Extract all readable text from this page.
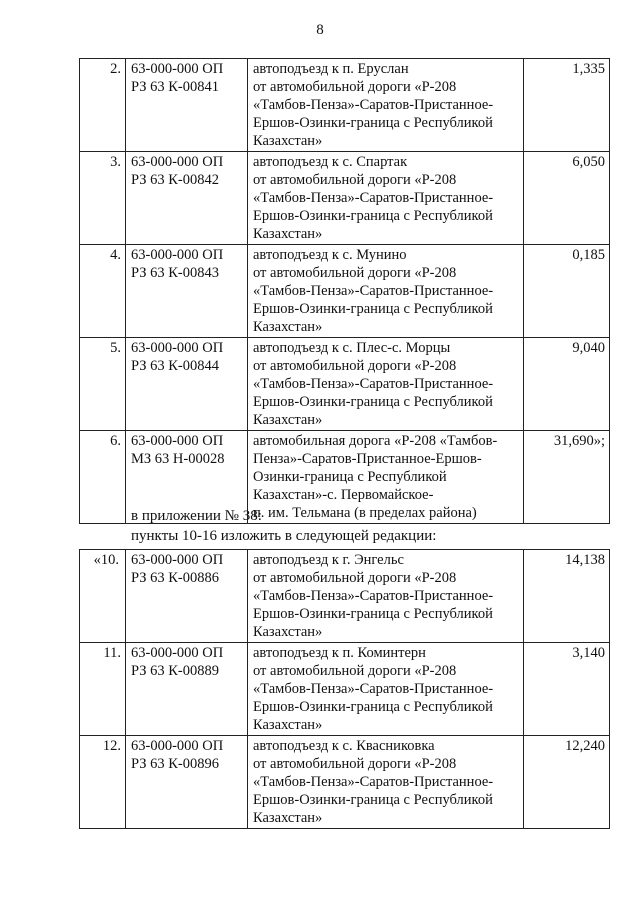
8
2.	63-000-000 ОП
РЗ 63 К-00841	автоподъезд к п. Еруслан
от автомобильной дороги «Р-208
«Тамбов-Пенза»-Саратов-Пристанное-
Ершов-Озинки-граница с Республикой
Казахстан»	1,335
3.	63-000-000 ОП
РЗ 63 К-00842	автоподъезд к с. Спартак
от автомобильной дороги «Р-208
«Тамбов-Пенза»-Саратов-Пристанное-
Ершов-Озинки-граница с Республикой
Казахстан»	6,050
4.	63-000-000 ОП
РЗ 63 К-00843	автоподъезд к с. Мунино
от автомобильной дороги «Р-208
«Тамбов-Пенза»-Саратов-Пристанное-
Ершов-Озинки-граница с Республикой
Казахстан»	0,185
5.	63-000-000 ОП
РЗ 63 К-00844	автоподъезд к с. Плес-с. Морцы
от автомобильной дороги «Р-208
«Тамбов-Пенза»-Саратов-Пристанное-
Ершов-Озинки-граница с Республикой
Казахстан»	9,040
6.	63-000-000 ОП
МЗ 63 Н-00028	автомобильная дорога «Р-208 «Тамбов-
Пенза»-Саратов-Пристанное-Ершов-
Озинки-граница с Республикой
Казахстан»-с. Первомайское-
п. им. Тельмана (в пределах района)	31,690»;
в приложении № 38:
пункты 10-16 изложить в следующей редакции:
«10.	63-000-000 ОП
РЗ 63 К-00886	автоподъезд к г. Энгельс
от автомобильной дороги «Р-208
«Тамбов-Пенза»-Саратов-Пристанное-
Ершов-Озинки-граница с Республикой
Казахстан»	14,138
11.	63-000-000 ОП
РЗ 63 К-00889	автоподъезд к п. Коминтерн
от автомобильной дороги «Р-208
«Тамбов-Пенза»-Саратов-Пристанное-
Ершов-Озинки-граница с Республикой
Казахстан»	3,140
12.	63-000-000 ОП
РЗ 63 К-00896	автоподъезд к с. Квасниковка
от автомобильной дороги «Р-208
«Тамбов-Пенза»-Саратов-Пристанное-
Ершов-Озинки-граница с Республикой
Казахстан»	12,240
